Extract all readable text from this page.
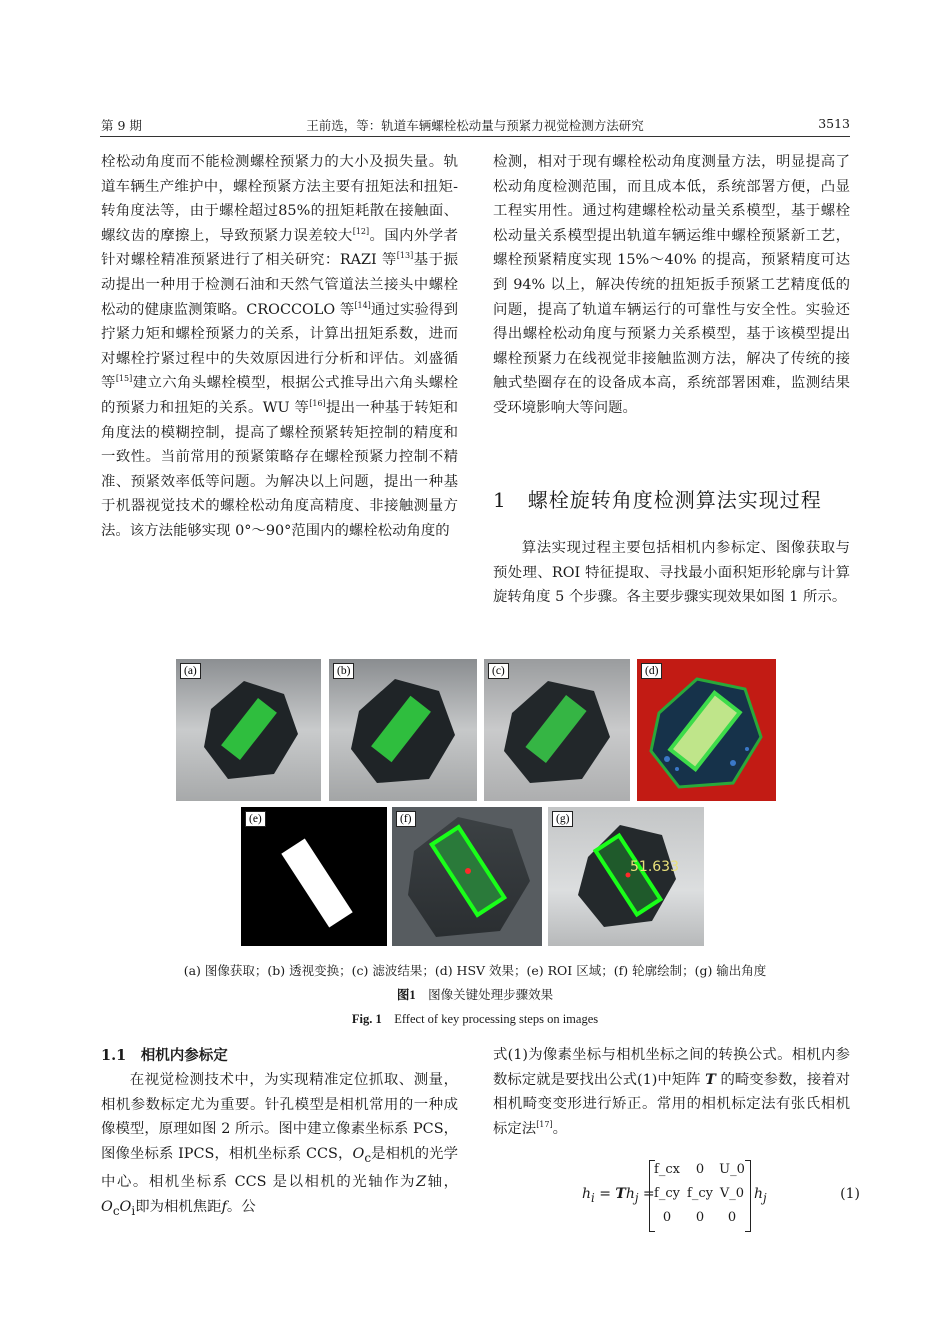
第 9 期	王前选，等：轨道车辆螺栓松动量与预紧力视觉检测方法研究	3513

栓松动角度而不能检测螺栓预紧力的大小及损失量。轨道车辆生产维护中，螺栓预紧方法主要有扭矩法和扭矩-转角度法等，由于螺栓超过85%的扭矩耗散在接触面、螺纹齿的摩擦上，导致预紧力误差较大[12]。国内外学者针对螺栓精准预紧进行了相关研究：RAZI 等[13]基于振动提出一种用于检测石油和天然气管道法兰接头中螺栓松动的健康监测策略。CROCCOLO 等[14]通过实验得到拧紧力矩和螺栓预紧力的关系，计算出扭矩系数，进而对螺栓拧紧过程中的失效原因进行分析和评估。刘盛循等[15]建立六角头螺栓模型，根据公式推导出六角头螺栓的预紧力和扭矩的关系。WU 等[16]提出一种基于转矩和角度法的模糊控制，提高了螺栓预紧转矩控制的精度和一致性。当前常用的预紧策略存在螺栓预紧力控制不精准、预紧效率低等问题。为解决以上问题，提出一种基于机器视觉技术的螺栓松动角度高精度、非接触测量方法。该方法能够实现 0°～90°范围内的螺栓松动角度的

检测，相对于现有螺栓松动角度测量方法，明显提高了松动角度检测范围，而且成本低，系统部署方便，凸显工程实用性。通过构建螺栓松动量关系模型，基于螺栓松动量关系模型提出轨道车辆运维中螺栓预紧新工艺，螺栓预紧精度实现 15%～40% 的提高，预紧精度可达到 94% 以上，解决传统的扭矩扳手预紧工艺精度低的问题，提高了轨道车辆运行的可靠性与安全性。实验还得出螺栓松动角度与预紧力关系模型，基于该模型提出螺栓预紧力在线视觉非接触监测方法，解决了传统的接触式垫圈存在的设备成本高，系统部署困难，监测结果受环境影响大等问题。

1　螺栓旋转角度检测算法实现过程

算法实现过程主要包括相机内参标定、图像获取与预处理、ROI 特征提取、寻找最小面积矩形轮廓与计算旋转角度 5 个步骤。各主要步骤实现效果如图 1 所示。

(a)	(b)	(c)	(d)
(e)	(f)
51.633
(g)
(a) 图像获取；(b) 透视变换；(c) 滤波结果；(d) HSV 效果；(e) ROI 区域；(f) 轮廓绘制；(g) 输出角度
图1　 图像关键处理步骤效果
Fig. 1　 Effect of key processing steps on images
1.1　相机内参标定

在视觉检测技术中，为实现精准定位抓取、测量，相机参数标定尤为重要。针孔模型是相机常用的一种成像模型，原理如图 2 所示。图中建立像素坐标系 PCS，图像坐标系 IPCS，相机坐标系 CCS，$O_c$是相机的光学中心。相机坐标系 CCS 是以相机的光轴作为Z轴，$O_cO_i$即为相机焦距f。公

式(1)为像素坐标与相机坐标之间的转换公式。相机内参数标定就是要找出公式(1)中矩阵 T 的畸变参数，接着对相机畸变变形进行矫正。常用的相机标定法有张氏相机标定法[17]。

$h_i = Th_j$ =
f_cx	0	U_0
f_cy f_cy V_0
0	0	0
$h_j$	(1)
